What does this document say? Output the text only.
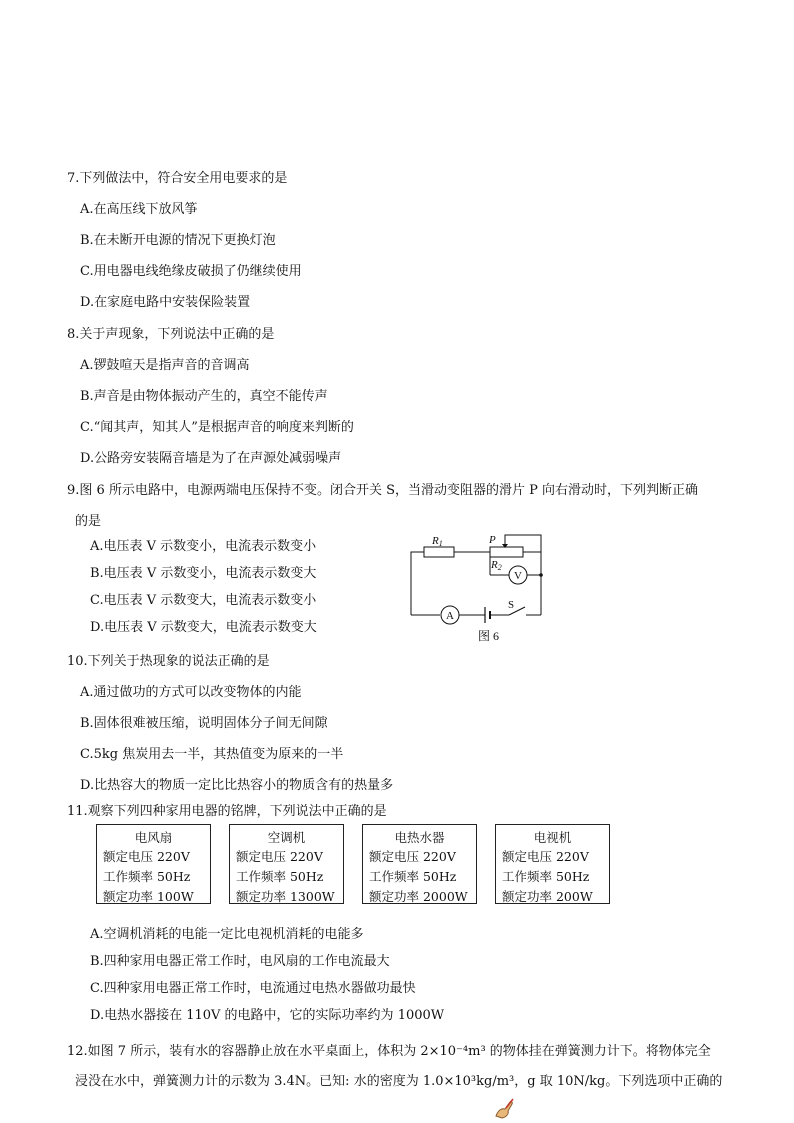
7.下列做法中，符合安全用电要求的是
A.在高压线下放风筝
B.在未断开电源的情况下更换灯泡
C.用电器电线绝缘皮破损了仍继续使用
D.在家庭电路中安装保险装置
8.关于声现象，下列说法中正确的是
A.锣鼓喧天是指声音的音调高
B.声音是由物体振动产生的，真空不能传声
C.“闻其声，知其人”是根据声音的响度来判断的
D.公路旁安装隔音墙是为了在声源处减弱噪声
9.图 6 所示电路中，电源两端电压保持不变。闭合开关 S，当滑动变阻器的滑片 P 向右滑动时，下列判断正确
的是
A.电压表 V 示数变小，电流表示数变小
B.电压表 V 示数变小，电流表示数变大
C.电压表 V 示数变大，电流表示数变小
D.电压表 V 示数变大，电流表示数变大
R1	P
R2
V
A
S
图 6
10.下列关于热现象的说法正确的是
A.通过做功的方式可以改变物体的内能
B.固体很难被压缩，说明固体分子间无间隙
C.5kg 焦炭用去一半，其热值变为原来的一半
D.比热容大的物质一定比比热容小的物质含有的热量多
11.观察下列四种家用电器的铭牌，下列说法中正确的是
电风扇
额定电压 220V
工作频率 50Hz
额定功率 100W
空调机
额定电压 220V
工作频率 50Hz
额定功率 1300W
电热水器
额定电压 220V
工作频率 50Hz
额定功率 2000W
电视机
额定电压 220V
工作频率 50Hz
额定功率 200W
A.空调机消耗的电能一定比电视机消耗的电能多
B.四种家用电器正常工作时，电风扇的工作电流最大
C.四种家用电器正常工作时，电流通过电热水器做功最快
D.电热水器接在 110V 的电路中，它的实际功率约为 1000W
12.如图 7 所示，装有水的容器静止放在水平桌面上，体积为 2×10⁻⁴m³ 的物体挂在弹簧测力计下。将物体完全
浸没在水中，弹簧测力计的示数为 3.4N。已知: 水的密度为 1.0×10³kg/m³，g 取 10N/kg。下列选项中正确的
